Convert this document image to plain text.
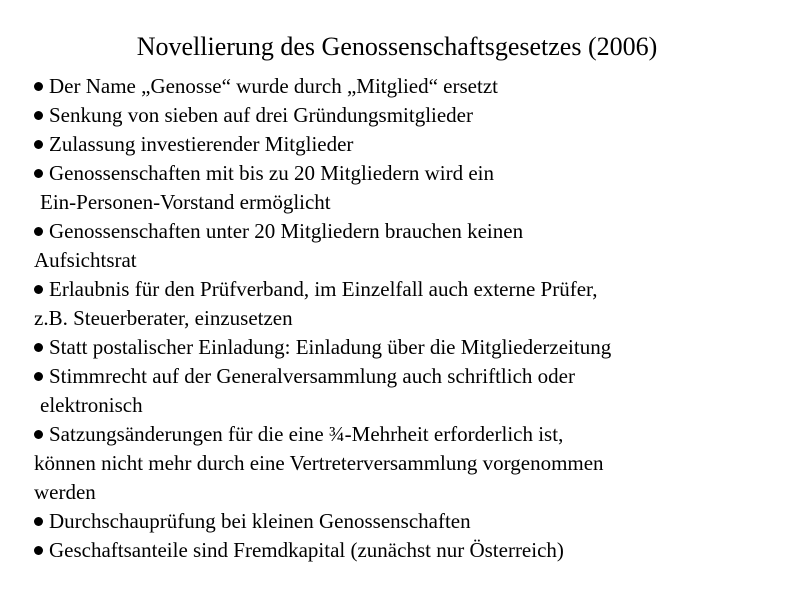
Novellierung des Genossenschaftsgesetzes (2006)
Der Name „Genosse“ wurde durch „Mitglied“ ersetzt
Senkung von sieben auf drei Gründungsmitglieder
Zulassung investierender Mitglieder
Genossenschaften mit bis zu 20 Mitgliedern wird ein
Ein-Personen-Vorstand ermöglicht
Genossenschaften unter 20 Mitgliedern brauchen keinen
Aufsichtsrat
Erlaubnis für den Prüfverband, im Einzelfall auch externe Prüfer,
z.B. Steuerberater, einzusetzen
Statt postalischer Einladung: Einladung über die Mitgliederzeitung
Stimmrecht auf der Generalversammlung auch schriftlich oder
elektronisch
Satzungsänderungen für die eine ¾-Mehrheit erforderlich ist,
können nicht mehr durch eine Vertreterversammlung vorgenommen
werden
Durchschauprüfung bei kleinen Genossenschaften
Geschaftsanteile sind Fremdkapital (zunächst nur Österreich)
